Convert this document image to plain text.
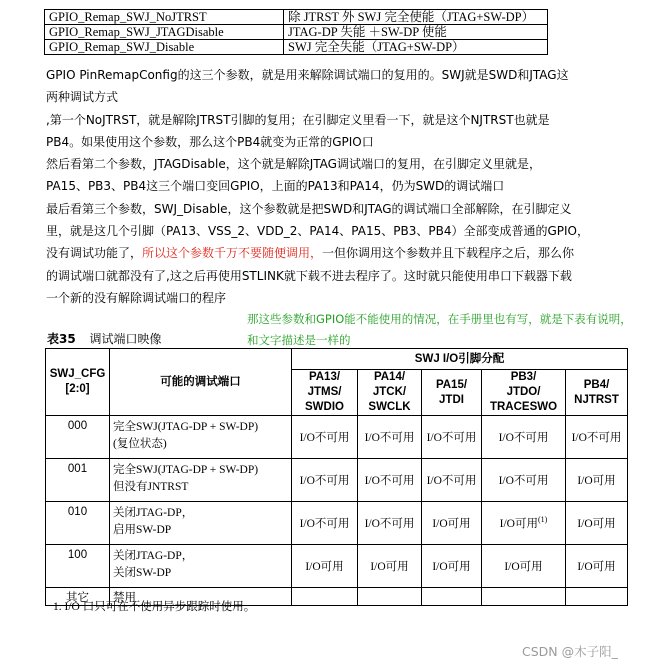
GPIO_Remap_SWJ_NoJTRST	除 JTRST 外 SWJ 完全使能（JTAG+SW-DP）
GPIO_Remap_SWJ_JTAGDisable	JTAG-DP 失能 ＋SW-DP 使能
GPIO_Remap_SWJ_Disable	SWJ 完全失能（JTAG+SW-DP）

GPIO PinRemapConfig的这三个参数，就是用来解除调试端口的复用的。SWJ就是SWD和JTAG这

两种调试方式

,第一个NoJTRST，就是解除JTRST引脚的复用；在引脚定义里看一下，就是这个NJTRST也就是

PB4。如果使用这个参数，那么这个PB4就变为正常的GPIO口

然后看第二个参数，JTAGDisable，这个就是解除JTAG调试端口的复用，在引脚定义里就是，

PA15、PB3、PB4这三个端口变回GPIO，上面的PA13和PA14，仍为SWD的调试端口

最后看第三个参数，SWJ_Disable，这个参数就是把SWD和JTAG的调试端口全部解除，在引脚定义

里，就是这几个引脚（PA13、VSS_2、VDD_2、PA14、PA15、PB3、PB4）全部变成普通的GPIO，

没有调试功能了，所以这个参数千万不要随便调用，一但你调用这个参数并且下载程序之后，那么你

的调试端口就都没有了,这之后再使用STLINK就下载不进去程序了。这时就只能使用串口下载器下载

一个新的没有解除调试端口的程序

那这些参数和GPIO能不能使用的情况，在手册里也有写，就是下表有说明，
和文字描述是一样的
表35 调试端口映像
SWJ_CFG
[2:0]	可能的调试端口	SWJ I/O引脚分配				
		PA13/
JTMS/
SWDIO	PA14/
JTCK/
SWCLK	PA15/
JTDI	PB3/
JTDO/
TRACESWO	PB4/
NJTRST
000	完全SWJ(JTAG-DP + SW-DP)
(复位状态)	I/O不可用	I/O不可用	I/O不可用	I/O不可用	I/O不可用
001	完全SWJ(JTAG-DP + SW-DP)
但没有JNTRST	I/O不可用	I/O不可用	I/O不可用	I/O不可用	I/O可用
010	关闭JTAG-DP，
启用SW-DP	I/O不可用	I/O不可用	I/O可用	I/O可用$^{(1)}$	I/O可用
100	关闭JTAG-DP，
关闭SW-DP	I/O可用	I/O可用	I/O可用	I/O可用	I/O可用
其它	禁用					
1. I/O 口只可在不使用异步跟踪时使用。
CSDN @木子阳_
